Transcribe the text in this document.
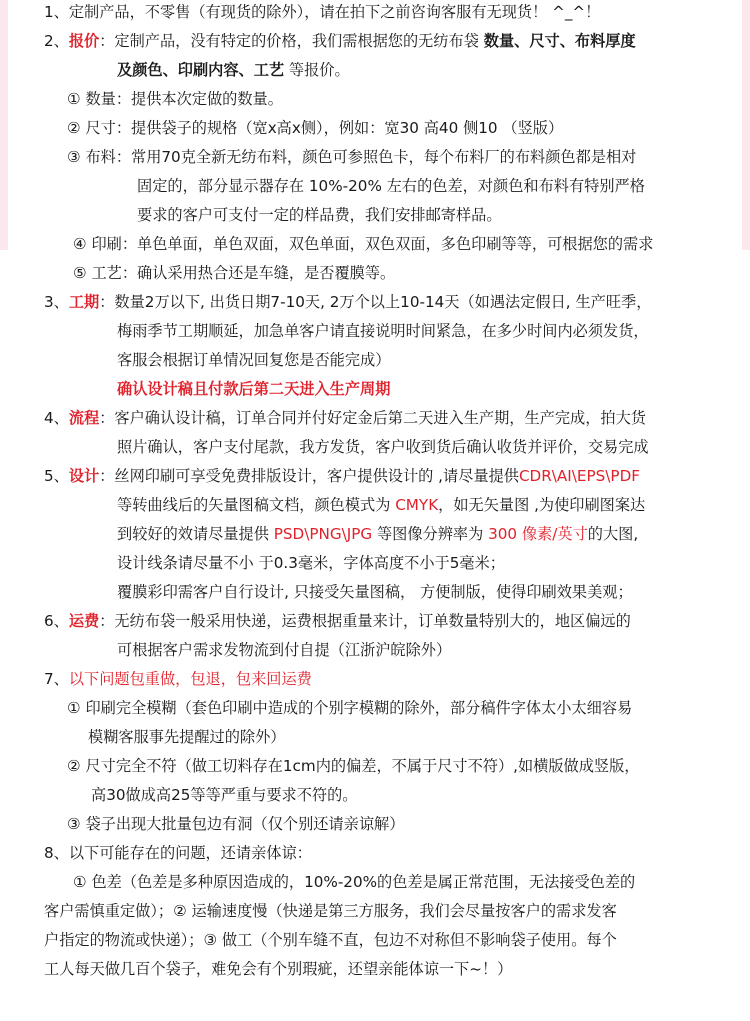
1、定制产品，不零售（有现货的除外），请在拍下之前咨询客服有无现货！ ^_^！
2、报价：定制产品，没有特定的价格，我们需根据您的无纺布袋 数量、尺寸、布料厚度
及颜色、印刷内容、工艺 等报价。
① 数量：提供本次定做的数量。
② 尺寸：提供袋子的规格（宽x高x侧），例如：宽30 高40 侧10 （竖版）
③ 布料：常用70克全新无纺布料，颜色可参照色卡，每个布料厂的布料颜色都是相对
固定的，部分显示器存在 10%-20% 左右的色差，对颜色和布料有特别严格
要求的客户可支付一定的样品费，我们安排邮寄样品。
④ 印刷：单色单面，单色双面，双色单面，双色双面，多色印刷等等，可根据您的需求
⑤ 工艺：确认采用热合还是车缝，是否覆膜等。
3、工期：数量2万以下, 出货日期7-10天, 2万个以上10-14天（如遇法定假日, 生产旺季，
梅雨季节工期顺延，加急单客户请直接说明时间紧急，在多少时间内必须发货，
客服会根据订单情况回复您是否能完成）
确认设计稿且付款后第二天进入生产周期
4、流程：客户确认设计稿，订单合同并付好定金后第二天进入生产期，生产完成，拍大货
照片确认，客户支付尾款，我方发货，客户收到货后确认收货并评价，交易完成
5、设计：丝网印刷可享受免费排版设计，客户提供设计的 ,请尽量提供CDR\AI\EPS\PDF
等转曲线后的矢量图稿文档，颜色模式为 CMYK，如无矢量图 ,为使印刷图案达
到较好的效请尽量提供 PSD\PNG\JPG 等图像分辨率为 300 像素/英寸的大图,
设计线条请尽量不小 于0.3毫米，字体高度不小于5毫米；
覆膜彩印需客户自行设计, 只接受矢量图稿， 方便制版，使得印刷效果美观；
6、运费：无纺布袋一般采用快递，运费根据重量来计，订单数量特别大的，地区偏远的
可根据客户需求发物流到付自提（江浙沪皖除外）
7、以下问题包重做，包退，包来回运费
① 印刷完全模糊（套色印刷中造成的个别字模糊的除外，部分稿件字体太小太细容易
模糊客服事先提醒过的除外）
② 尺寸完全不符（做工切料存在1cm内的偏差，不属于尺寸不符）,如横版做成竖版，
高30做成高25等等严重与要求不符的。
③ 袋子出现大批量包边有洞（仅个别还请亲谅解）
8、以下可能存在的问题，还请亲体谅：
① 色差（色差是多种原因造成的，10%-20%的色差是属正常范围，无法接受色差的
客户需慎重定做）；② 运输速度慢（快递是第三方服务，我们会尽量按客户的需求发客
户指定的物流或快递）；③ 做工（个别车缝不直，包边不对称但不影响袋子使用。每个
工人每天做几百个袋子，难免会有个别瑕疵，还望亲能体谅一下~！）
